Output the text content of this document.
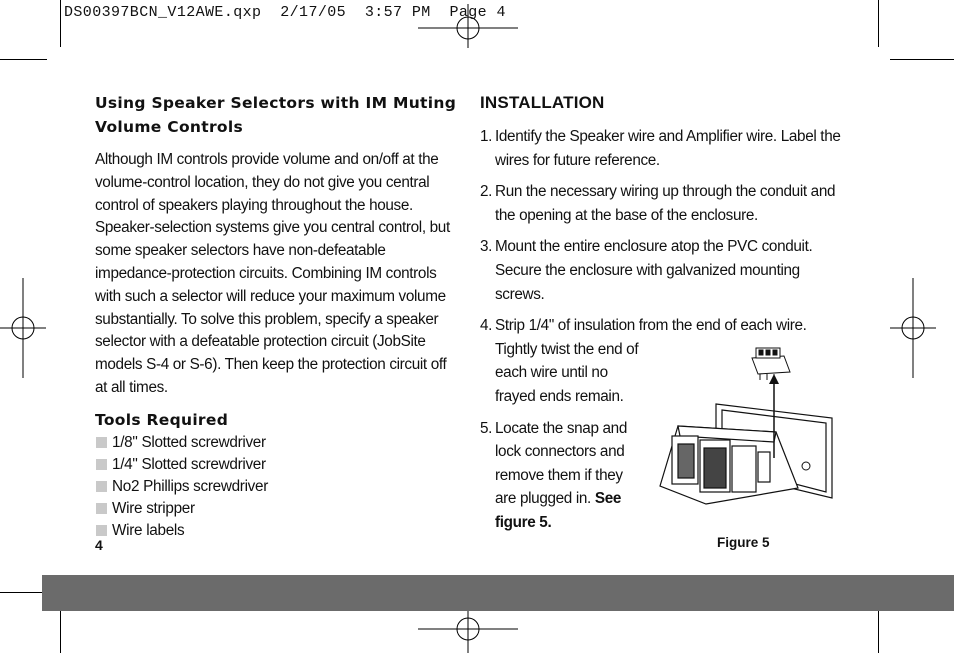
DS00397BCN_V12AWE.qxp  2/17/05  3:57 PM  Page 4
Using Speaker Selectors with IM Muting Volume Controls

Although IM controls provide volume and on/off at the volume-control location, they do not give you central control of speakers playing throughout the house. Speaker-selection systems give you central control, but some speaker selectors have non-defeatable impedance-protection circuits. Combining IM controls with such a selector will reduce your maximum volume substantially. To solve this problem, specify a speaker selector with a defeatable protection circuit (JobSite models S-4 or S-6). Then keep the protection circuit off at all times.

Tools Required
1/8" Slotted screwdriver
1/4" Slotted screwdriver
No2 Phillips screwdriver
Wire stripper
Wire labels
INSTALLATION
1. Identify the Speaker wire and Amplifier wire. Label the wires for future reference.
2. Run the necessary wiring up through the conduit and the opening at the base of the enclosure.
3. Mount the entire enclosure atop the PVC conduit. Secure the enclosure with galvanized mounting screws.
4. Strip 1/4" of insulation from the end of each wire.
Tightly twist the end of each wire until no frayed ends remain.
5. Locate the snap and lock connectors and remove them if they are plugged in. See figure 5.
4	Figure 5
